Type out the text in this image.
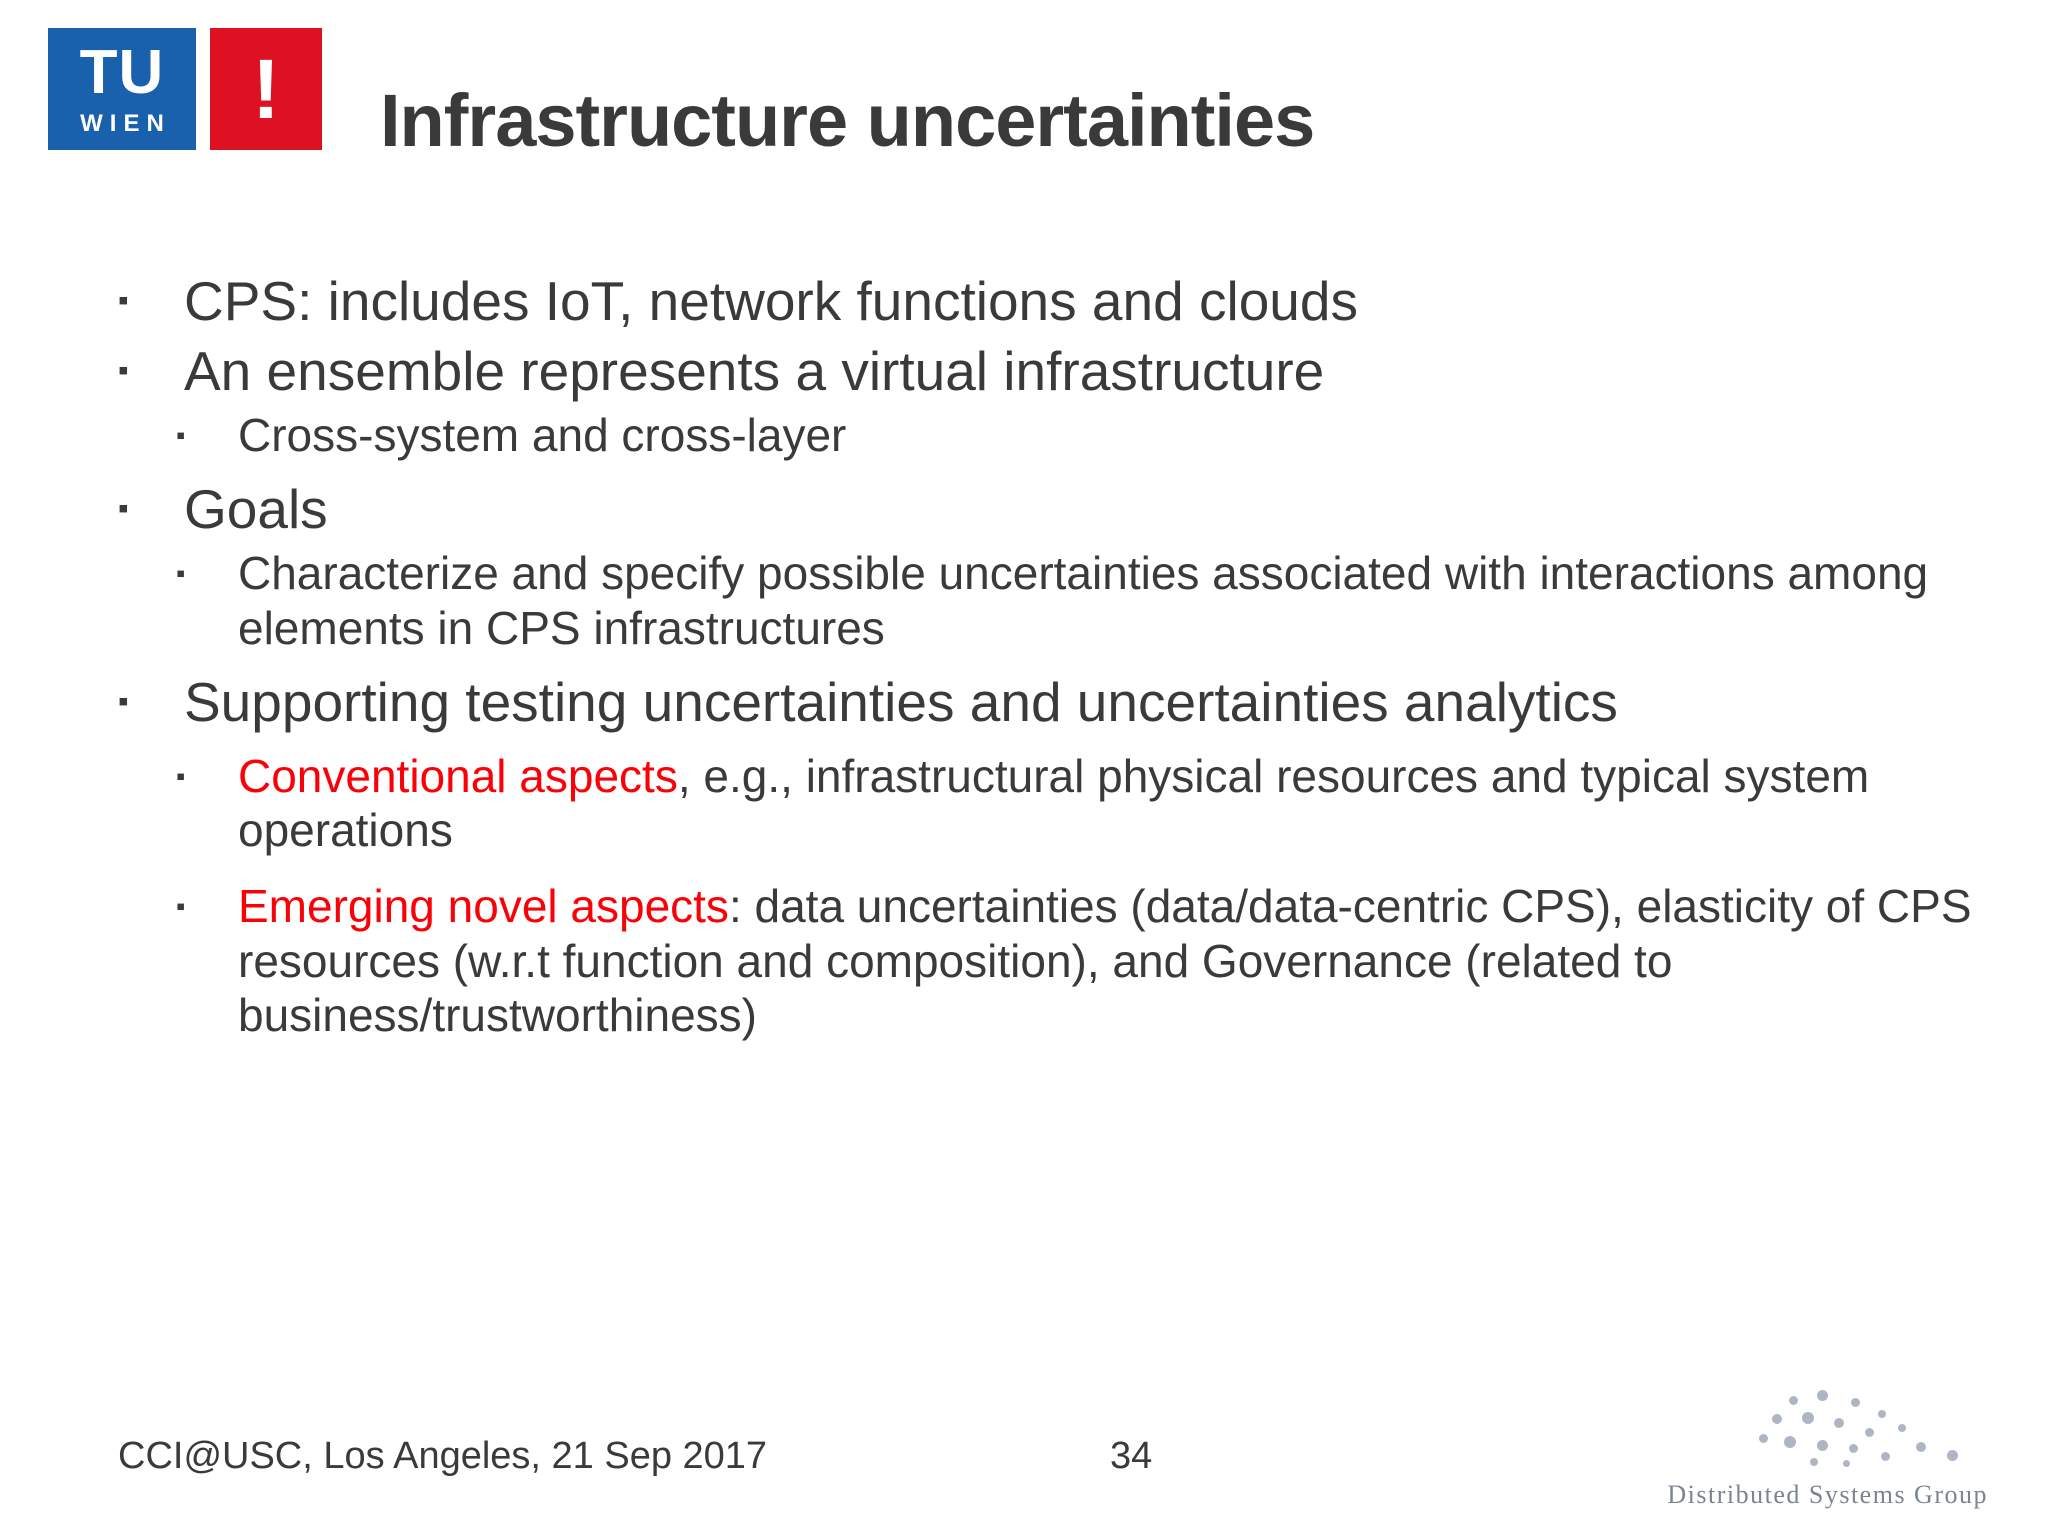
TU
WIEN !	Infrastructure uncertainties
▪	CPS: includes IoT, network functions and clouds
▪	An ensemble represents a virtual infrastructure
▪	Cross-system and cross-layer
▪	Goals
▪	Characterize and specify possible uncertainties associated with interactions among elements in CPS infrastructures
▪	Supporting testing uncertainties and uncertainties analytics
▪	Conventional aspects, e.g., infrastructural physical resources and typical system operations
▪	Emerging novel aspects: data uncertainties (data/data-centric CPS), elasticity of CPS resources (w.r.t function and composition), and Governance (related to business/trustworthiness)
CCI@USC, Los Angeles, 21 Sep 2017	34
Distributed Systems Group
